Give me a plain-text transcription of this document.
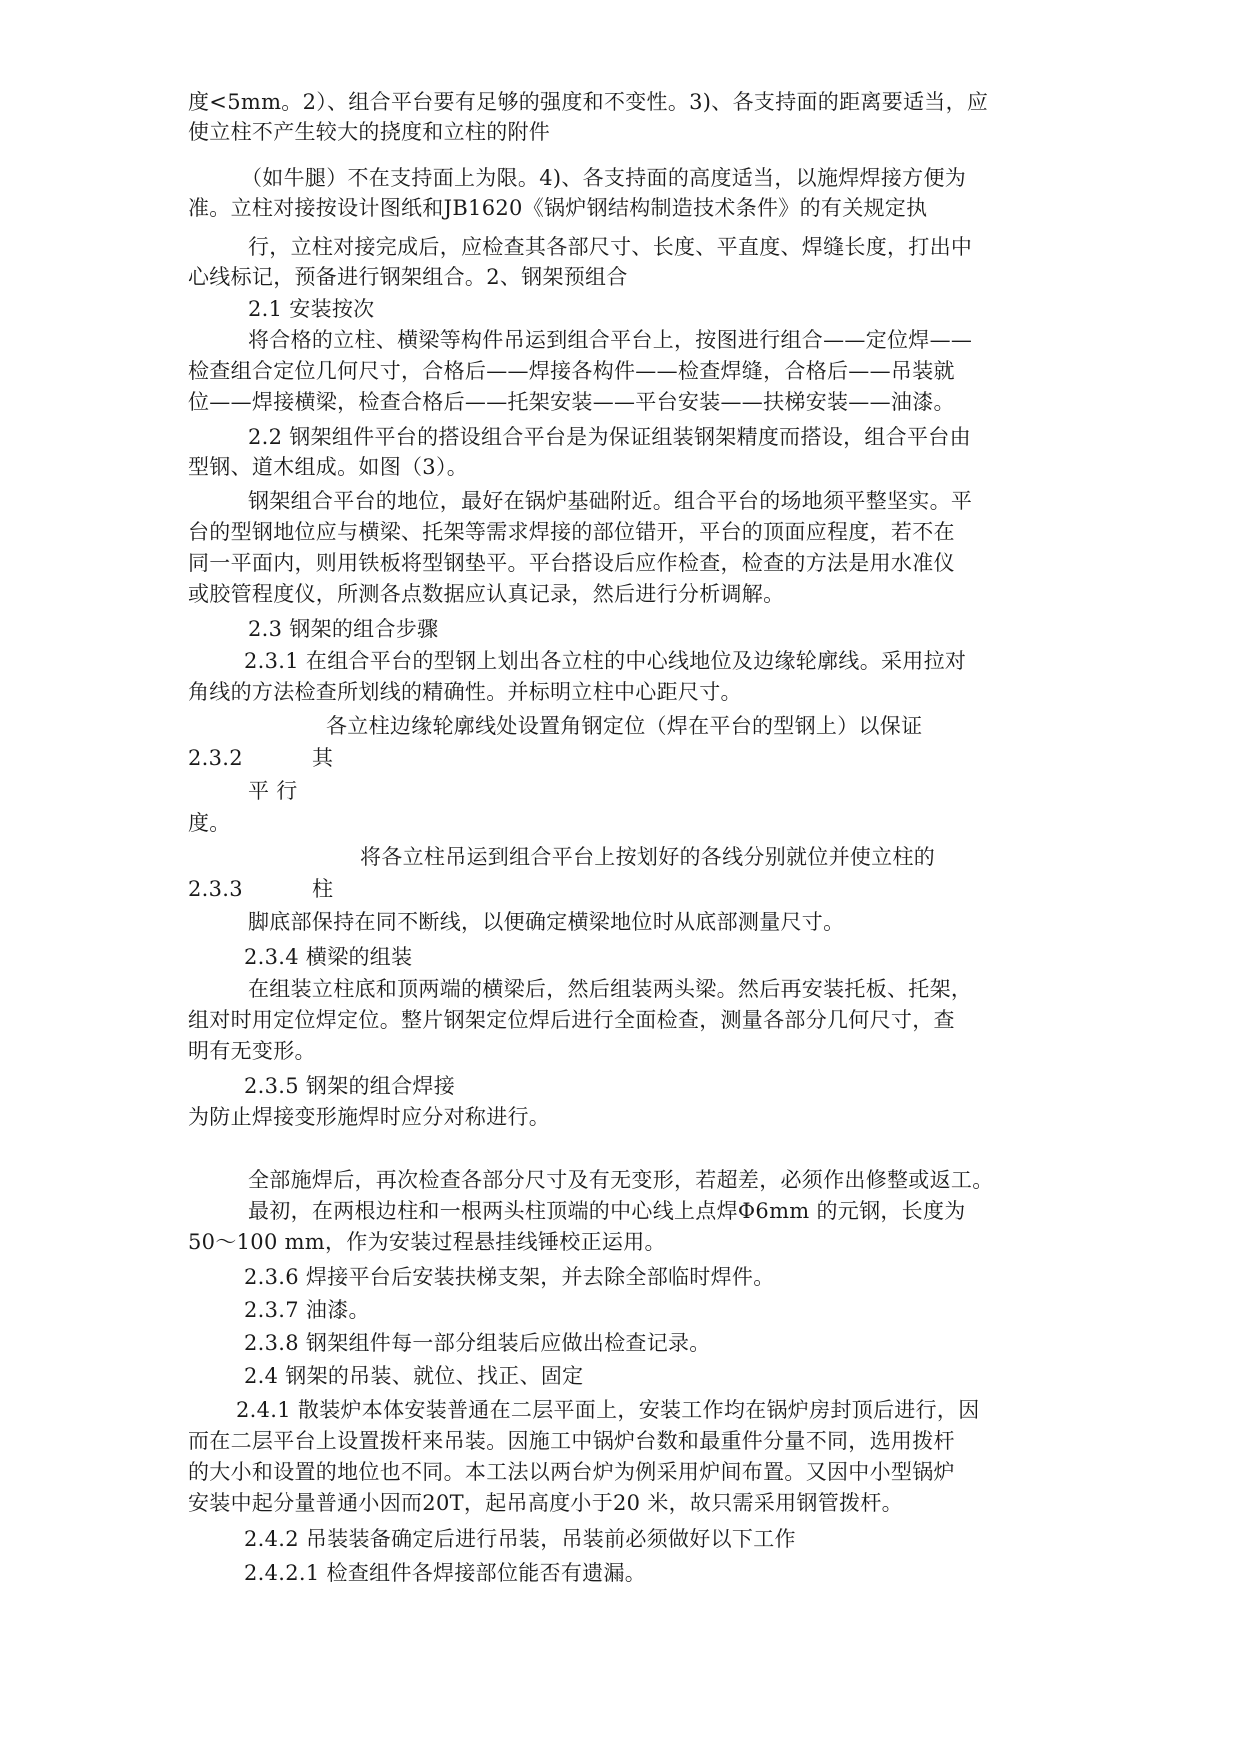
度<5mm。2）、组合平台要有足够的强度和不变性。3)、各支持面的距离要适当，应
使立柱不产生较大的挠度和立柱的附件
（如牛腿）不在支持面上为限。4)、各支持面的高度适当，以施焊焊接方便为
准。立柱对接按设计图纸和JB1620《锅炉钢结构制造技术条件》的有关规定执
行，立柱对接完成后，应检查其各部尺寸、长度、平直度、焊缝长度，打出中
心线标记，预备进行钢架组合。2、钢架预组合
2.1 安装按次
将合格的立柱、横梁等构件吊运到组合平台上，按图进行组合——定位焊——
检查组合定位几何尺寸，合格后——焊接各构件——检查焊缝，合格后——吊装就
位——焊接横梁，检查合格后——托架安装——平台安装——扶梯安装——油漆。
2.2 钢架组件平台的搭设组合平台是为保证组装钢架精度而搭设，组合平台由
型钢、道木组成。如图（3）。
钢架组合平台的地位，最好在锅炉基础附近。组合平台的场地须平整坚实。平
台的型钢地位应与横梁、托架等需求焊接的部位错开，平台的顶面应程度，若不在
同一平面内，则用铁板将型钢垫平。平台搭设后应作检查，检查的方法是用水准仪
或胶管程度仪，所测各点数据应认真记录，然后进行分析调解。
2.3 钢架的组合步骤
2.3.1 在组合平台的型钢上划出各立柱的中心线地位及边缘轮廓线。采用拉对
角线的方法检查所划线的精确性。并标明立柱中心距尺寸。
各立柱边缘轮廓线处设置角钢定位（焊在平台的型钢上）以保证
2.3.2	其
平 行
度。
将各立柱吊运到组合平台上按划好的各线分别就位并使立柱的
2.3.3	柱
脚底部保持在同不断线，以便确定横梁地位时从底部测量尺寸。
2.3.4 横梁的组装
在组装立柱底和顶两端的横梁后，然后组装两头梁。然后再安装托板、托架，
组对时用定位焊定位。整片钢架定位焊后进行全面检查，测量各部分几何尺寸，查
明有无变形。
2.3.5 钢架的组合焊接
为防止焊接变形施焊时应分对称进行。
全部施焊后，再次检查各部分尺寸及有无变形，若超差，必须作出修整或返工。
最初，在两根边柱和一根两头柱顶端的中心线上点焊Φ6mm 的元钢，长度为
50～100 mm，作为安装过程悬挂线锤校正运用。
2.3.6 焊接平台后安装扶梯支架，并去除全部临时焊件。
2.3.7 油漆。
2.3.8 钢架组件每一部分组装后应做出检查记录。
2.4 钢架的吊装、就位、找正、固定
2.4.1 散装炉本体安装普通在二层平面上，安装工作均在锅炉房封顶后进行，因
而在二层平台上设置拨杆来吊装。因施工中锅炉台数和最重件分量不同，选用拨杆
的大小和设置的地位也不同。本工法以两台炉为例采用炉间布置。又因中小型锅炉
安装中起分量普通小因而20T，起吊高度小于20 米，故只需采用钢管拨杆。
2.4.2 吊装装备确定后进行吊装，吊装前必须做好以下工作
2.4.2.1 检查组件各焊接部位能否有遗漏。
